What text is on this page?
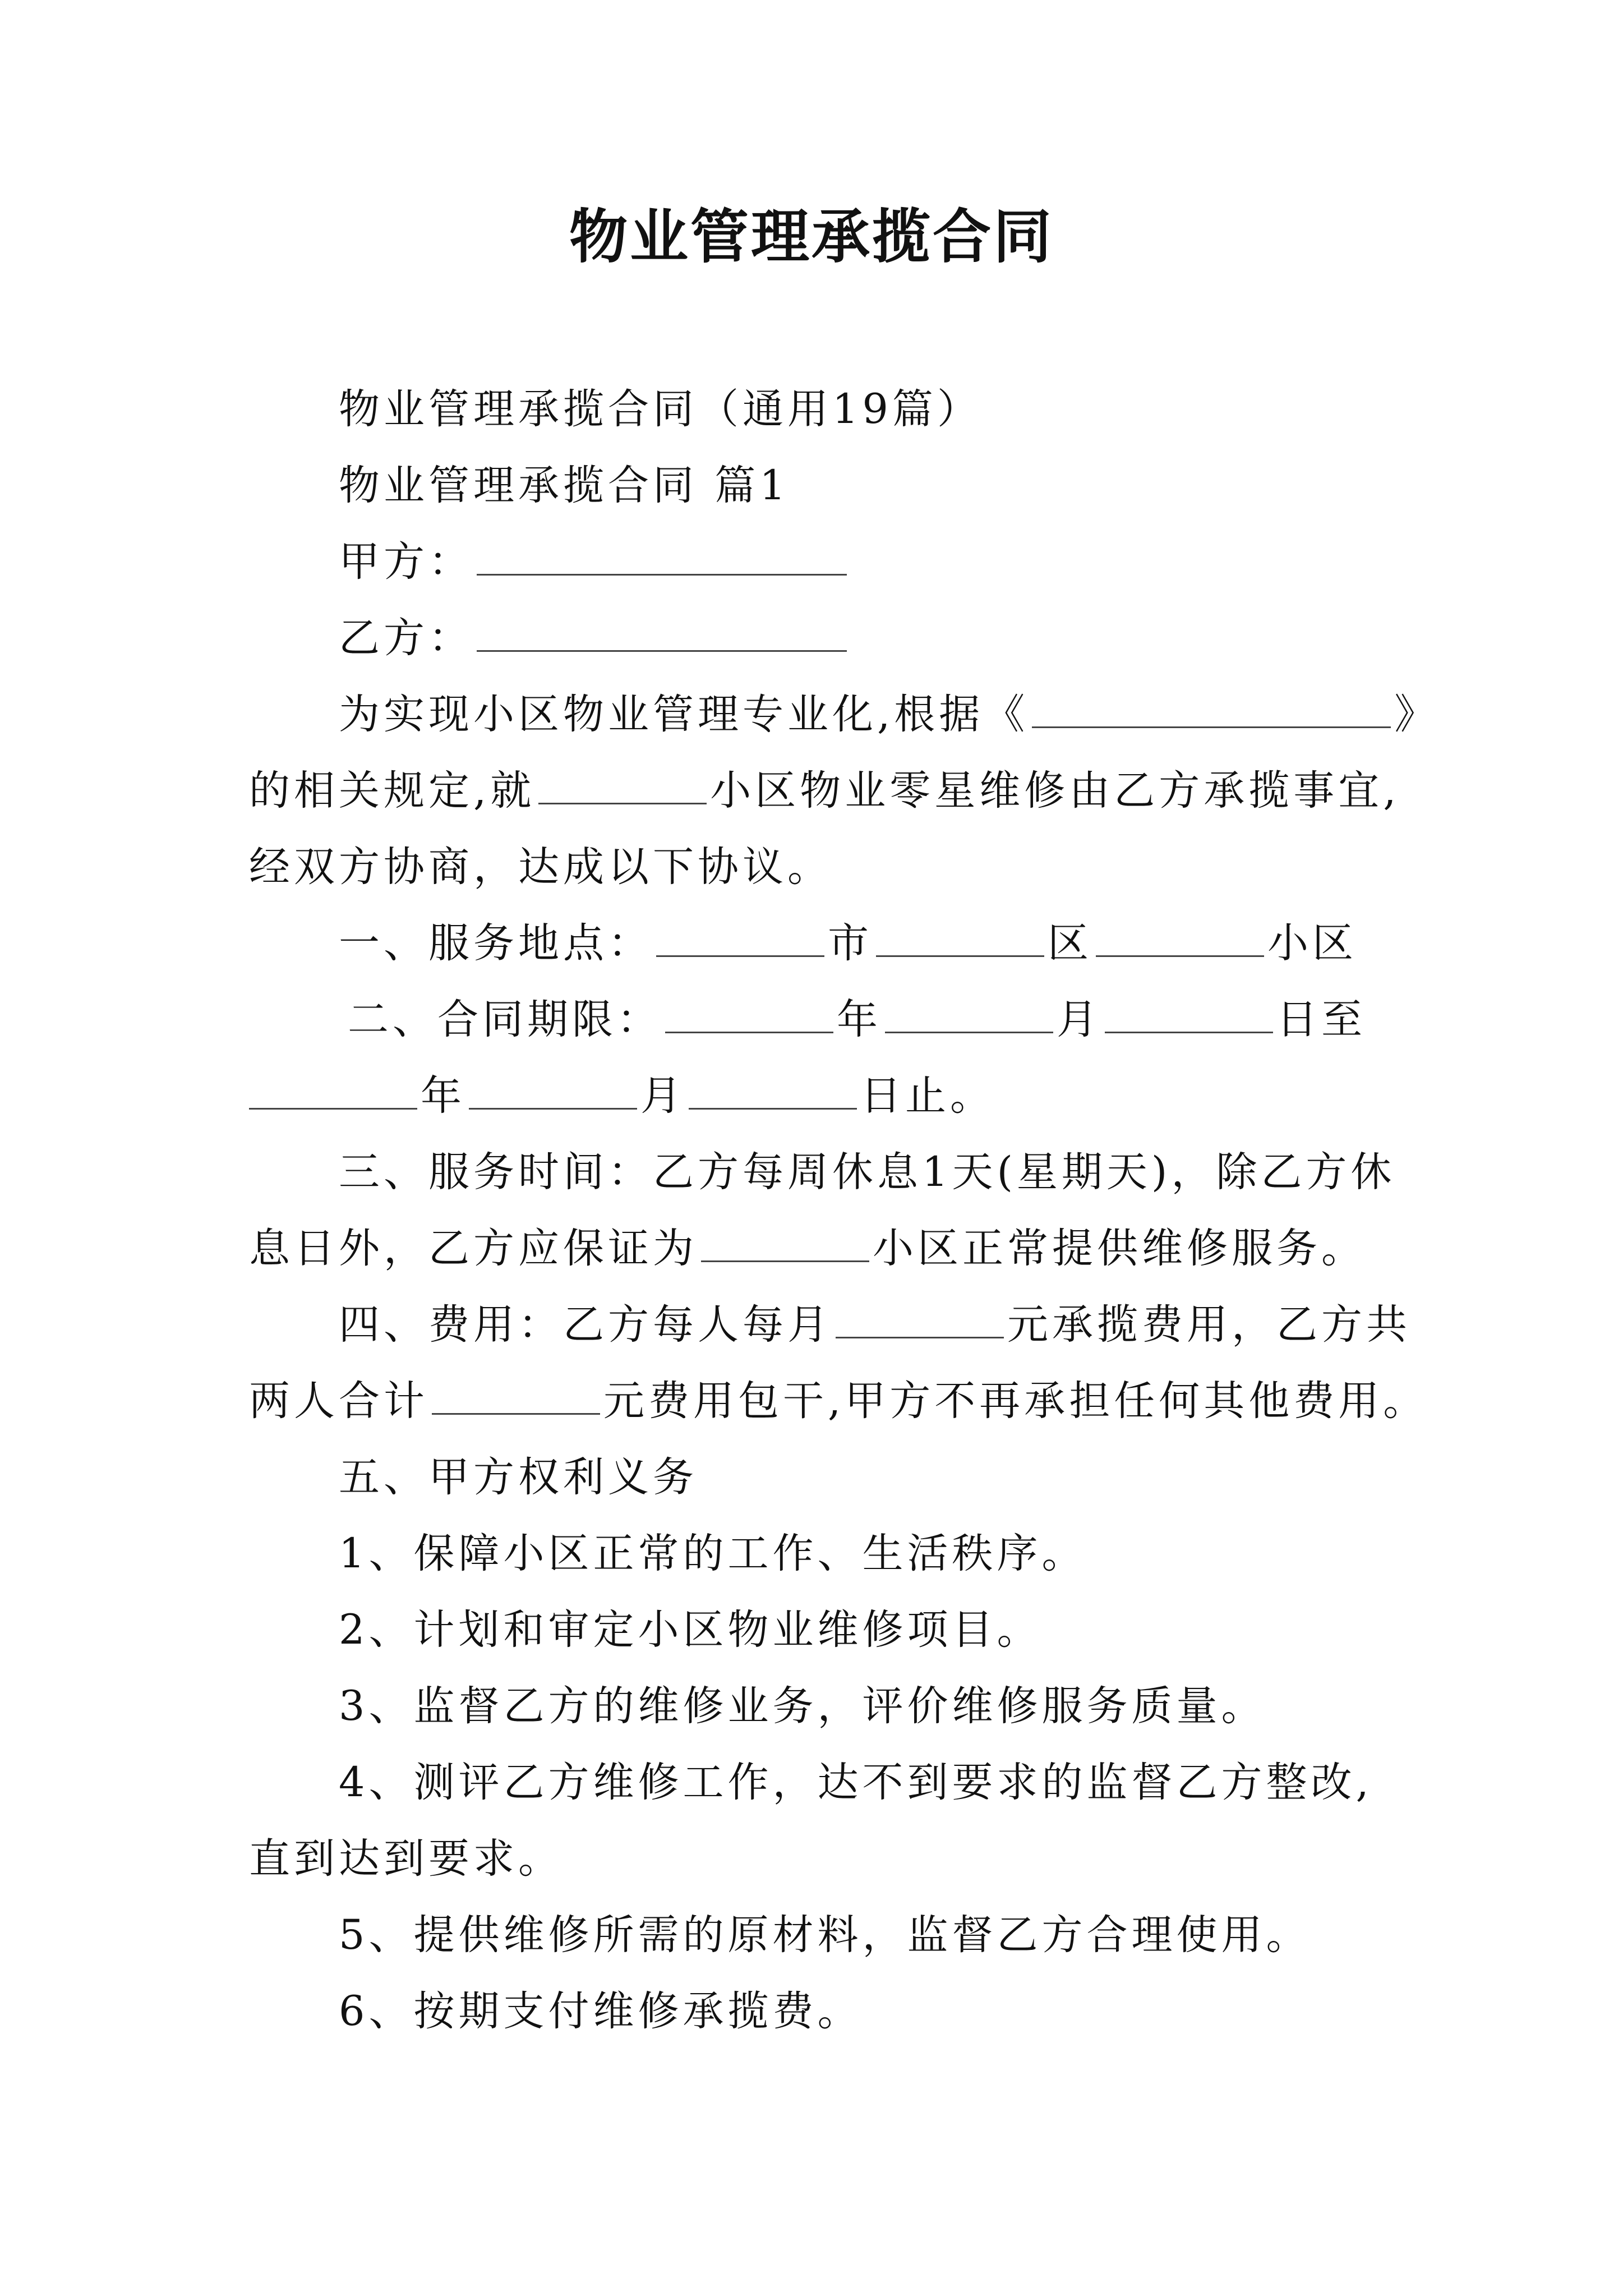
物业管理承揽合同

物业管理承揽合同（通用19篇）

物业管理承揽合同 篇1

甲方：

乙方：

为实现小区物业管理专业化,根据《	》

的相关规定,就	小区物业零星维修由乙方承揽事宜,

经双方协商，达成以下协议。

一、服务地点：	市	区	小区

二、合同期限：	年	月	日至

年	月	日止。

三、服务时间：乙方每周休息1天(星期天)，除乙方休

息日外，乙方应保证为	小区正常提供维修服务。

四、费用：乙方每人每月	元承揽费用，乙方共

两人合计	元费用包干,甲方不再承担任何其他费用。

五、甲方权利义务

1、保障小区正常的工作、生活秩序。

2、计划和审定小区物业维修项目。

3、监督乙方的维修业务，评价维修服务质量。

4、测评乙方维修工作，达不到要求的监督乙方整改,

直到达到要求。

5、提供维修所需的原材料，监督乙方合理使用。

6、按期支付维修承揽费。
